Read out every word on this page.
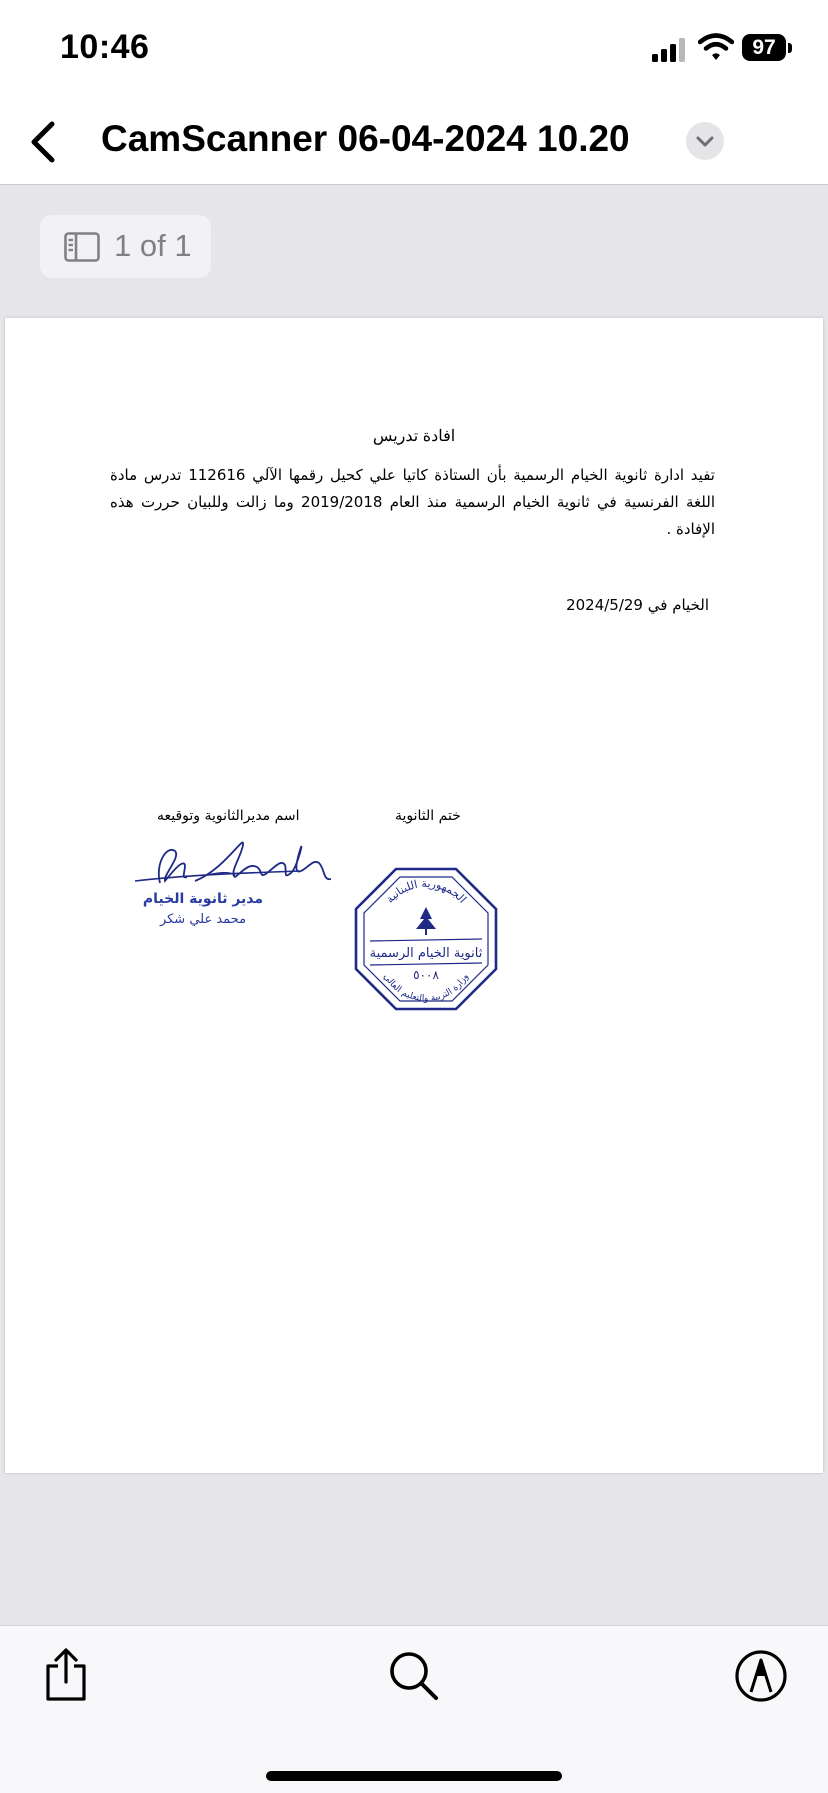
10:46	97
CamScanner 06-04-2024 10.20
1 of 1
افادة تدريس
تفيد ادارة ثانوية الخيام الرسمية بأن الستاذة كاتيا علي كحيل رقمها الآلي 112616 تدرس مادة اللغة الفرنسية في ثانوية الخيام الرسمية منذ العام 2019/2018 وما زالت وللبيان حررت هذه الإفادة .
الخيام في 2024/5/29
ختم الثانوية
اسم مديرالثانوية وتوقيعه
مدير ثانوية الخيام
محمد علي شكر
الجمهورية اللبنانية
ثانوية الخيام الرسمية
٥٠٠٨
وزارة التربية والتعليم العالي
